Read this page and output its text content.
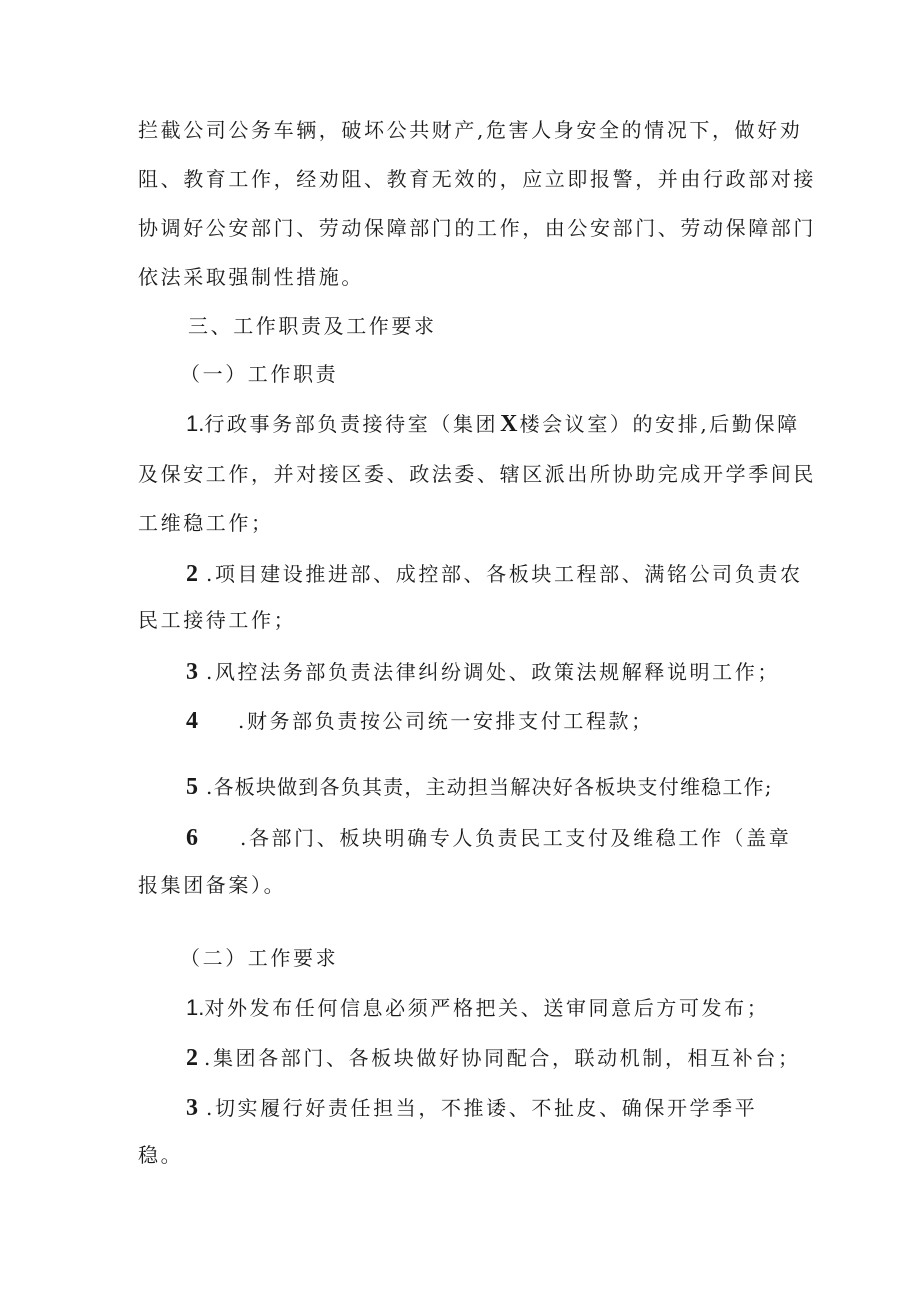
拦截公司公务车辆，破坏公共财产,危害人身安全的情况下，做好劝

阻、教育工作，经劝阻、教育无效的，应立即报警，并由行政部对接

协调好公安部门、劳动保障部门的工作，由公安部门、劳动保障部门

依法采取强制性措施。

三、工作职责及工作要求

（一）工作职责

1.行政事务部负责接待室（集团X 楼会议室）的安排,后勤保障

及保安工作，并对接区委、政法委、辖区派出所协助完成开学季间民

工维稳工作；

2 .项目建设推进部、成控部、各板块工程部、满铭公司负责农

民工接待工作；

3 .风控法务部负责法律纠纷调处、政策法规解释说明工作；

4 .财务部负责按公司统一安排支付工程款；

5 .各板块做到各负其责，主动担当解决好各板块支付维稳工作;

6 .各部门、板块明确专人负责民工支付及维稳工作（盖章

报集团备案）。

（二）工作要求

1.对外发布任何信息必须严格把关、送审同意后方可发布；

2 .集团各部门、各板块做好协同配合，联动机制，相互补台；

3 .切实履行好责任担当，不推诿、不扯皮、确保开学季平

稳。
